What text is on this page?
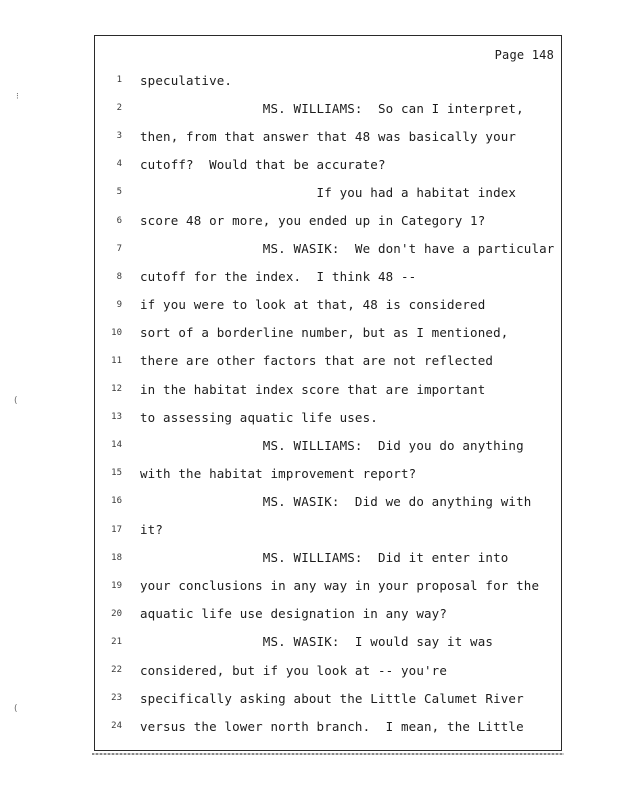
⁝
(
(
Page 148
1 speculative.
2 MS. WILLIAMS:  So can I interpret,
3 then, from that answer that 48 was basically your
4 cutoff?  Would that be accurate?
5 If you had a habitat index
6 score 48 or more, you ended up in Category 1?
7 MS. WASIK:  We don't have a particular
8 cutoff for the index.  I think 48 --
9 if you were to look at that, 48 is considered
10 sort of a borderline number, but as I mentioned,
11 there are other factors that are not reflected
12 in the habitat index score that are important
13 to assessing aquatic life uses.
14 MS. WILLIAMS:  Did you do anything
15 with the habitat improvement report?
16 MS. WASIK:  Did we do anything with
17 it?
18 MS. WILLIAMS:  Did it enter into
19 your conclusions in any way in your proposal for the
20 aquatic life use designation in any way?
21 MS. WASIK:  I would say it was
22 considered, but if you look at -- you're
23 specifically asking about the Little Calumet River
24 versus the lower north branch.  I mean, the Little
